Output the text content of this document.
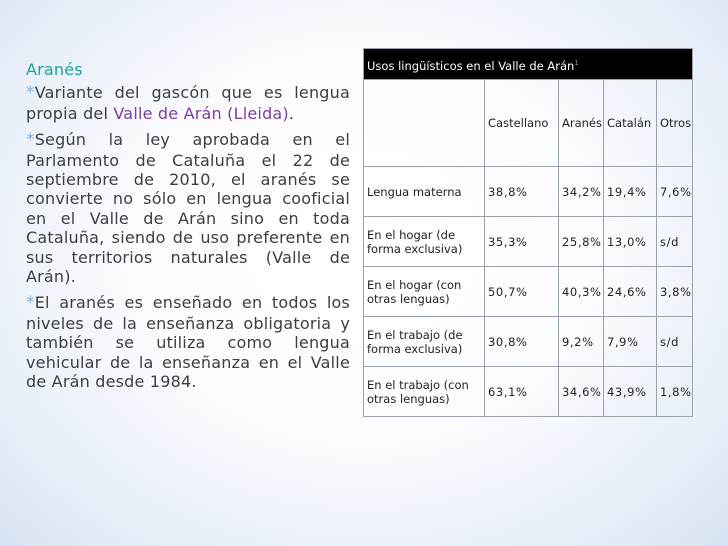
Aranés

*Variante del gascón que es lengua propia del Valle de Arán (Lleida).

*Según la ley aprobada en el Parlamento de Cataluña el 22 de septiembre de 2010, el aranés se convierte no sólo en lengua cooficial en el Valle de Arán sino en toda Cataluña, siendo de uso preferente en sus territorios naturales (Valle de Arán).

*El aranés es enseñado en todos los niveles de la enseñanza obligatoria y también se utiliza como lengua vehicular de la enseñanza en el Valle de Arán desde 1984.

Usos lingüísticos en el Valle de Arán$^1$
	Castellano	Aranés	Catalán	Otros
Lengua materna	38,8%	34,2%	19,4%	7,6%
En el hogar (de forma exclusiva)	35,3%	25,8%	13,0%	s/d
En el hogar (con otras lenguas)	50,7%	40,3%	24,6%	3,8%
En el trabajo (de forma exclusiva)	30,8%	9,2%	7,9%	s/d
En el trabajo (con otras lenguas)	63,1%	34,6%	43,9%	1,8%
